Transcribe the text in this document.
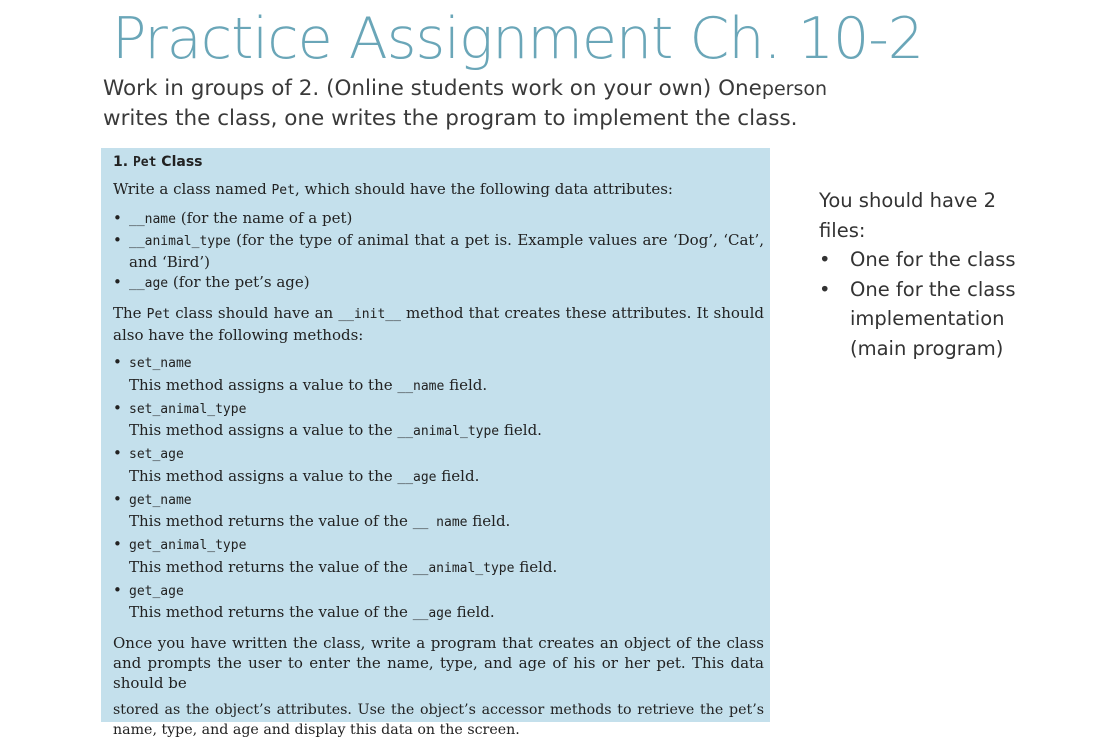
Practice Assignment Ch. 10-2

Work in groups of 2. (Online students work on your own) Oneperson
writes the class, one writes the program to implement the class.

1. Pet Class

Write a class named Pet, which should have the following data attributes:

• __name (for the name of a pet)
• __animal_type (for the type of animal that a pet is. Example values are ‘Dog’, ‘Cat’, and ‘Bird’)
• __age (for the pet’s age)

The Pet class should have an __init__ method that creates these attributes. It should also have the following methods:

• set_name
This method assigns a value to the __name field.
• set_animal_type
This method assigns a value to the __animal_type field.
• set_age
This method assigns a value to the __age field.
• get_name
This method returns the value of the __ name field.
• get_animal_type
This method returns the value of the __animal_type field.
• get_age
This method returns the value of the __age field.

Once you have written the class, write a program that creates an object of the class and prompts the user to enter the name, type, and age of his or her pet. This data should be

stored as the object’s attributes. Use the object’s accessor methods to retrieve the pet’s name, type, and age and display this data on the screen.

You should have 2 files:

• One for the class
• One for the class implementation (main program)
